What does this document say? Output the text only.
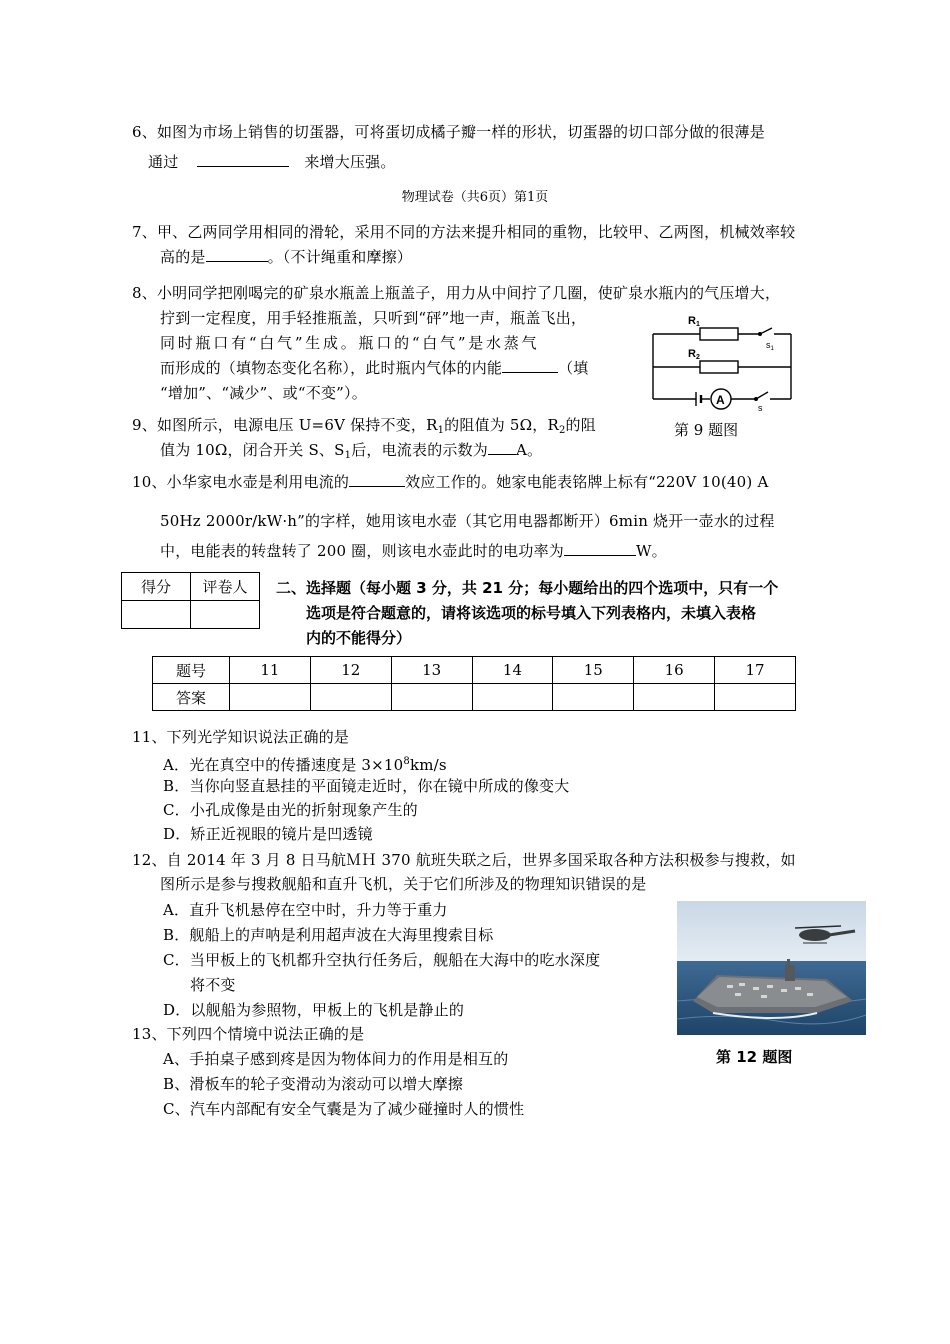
6、如图为市场上销售的切蛋器，可将蛋切成橘子瓣一样的形状，切蛋器的切口部分做的很薄是
通过	来增大压强。
物理试卷（共6页）第1页
7、甲、乙两同学用相同的滑轮，采用不同的方法来提升相同的重物，比较甲、乙两图，机械效率较
高的是	。（不计绳重和摩擦）
8、小明同学把刚喝完的矿泉水瓶盖上瓶盖子，用力从中间拧了几圈，使矿泉水瓶内的气压增大，
拧到一定程度，用手轻推瓶盖，只听到“砰”地一声，瓶盖飞出，
同 时 瓶 口 有 “ 白 气 ” 生 成 。 瓶 口 的 “ 白 气 ” 是 水 蒸 气
而形成的（填物态变化名称），此时瓶内气体的内能	（填
“增加”、“减少”、或“不变”）。
R1
R2
$s_1$
A
s
第 9 题图
9、如图所示，电源电压 U=6V 保持不变，$R_1$的阻值为 5Ω，$R_2$的阻
值为 10Ω，闭合开关 S、$S_1$后，电流表的示数为 A。
10、小华家电水壶是利用电流的	效应工作的。她家电能表铭牌上标有“220V 10(40) A
50Hz 2000r/kW·h”的字样，她用该电水壶（其它用电器都断开）6min 烧开一壶水的过程
中，电能表的转盘转了 200 圈，则该电水壶此时的电功率为	W。
得分	评卷人
	二、选择题（每小题 3 分，共 21 分；每小题给出的四个选项中，只有一个
选项是符合题意的，请将该选项的标号填入下列表格内，未填入表格
内的不能得分）
题号	11	12	13	14	15	16	17
答案							
11、下列光学知识说法正确的是
A．光在真空中的传播速度是 $3\times 10^8km/s$
B．当你向竖直悬挂的平面镜走近时，你在镜中所成的像变大
C．小孔成像是由光的折射现象产生的
D．矫正近视眼的镜片是凹透镜
12、自 2014 年 3 月 8 日马航ＭＨ 370 航班失联之后，世界多国采取各种方法积极参与搜救，如
图所示是参与搜救舰船和直升飞机，关于它们所涉及的物理知识错误的是
A．直升飞机悬停在空中时，升力等于重力
B．舰船上的声呐是利用超声波在大海里搜索目标
C．当甲板上的飞机都升空执行任务后，舰船在大海中的吃水深度
将不变
D．以舰船为参照物，甲板上的飞机是静止的
第 12 题图
13、下列四个情境中说法正确的是
A、手拍桌子感到疼是因为物体间力的作用是相互的
B、滑板车的轮子变滑动为滚动可以增大摩擦
C、汽车内部配有安全气囊是为了减少碰撞时人的惯性
